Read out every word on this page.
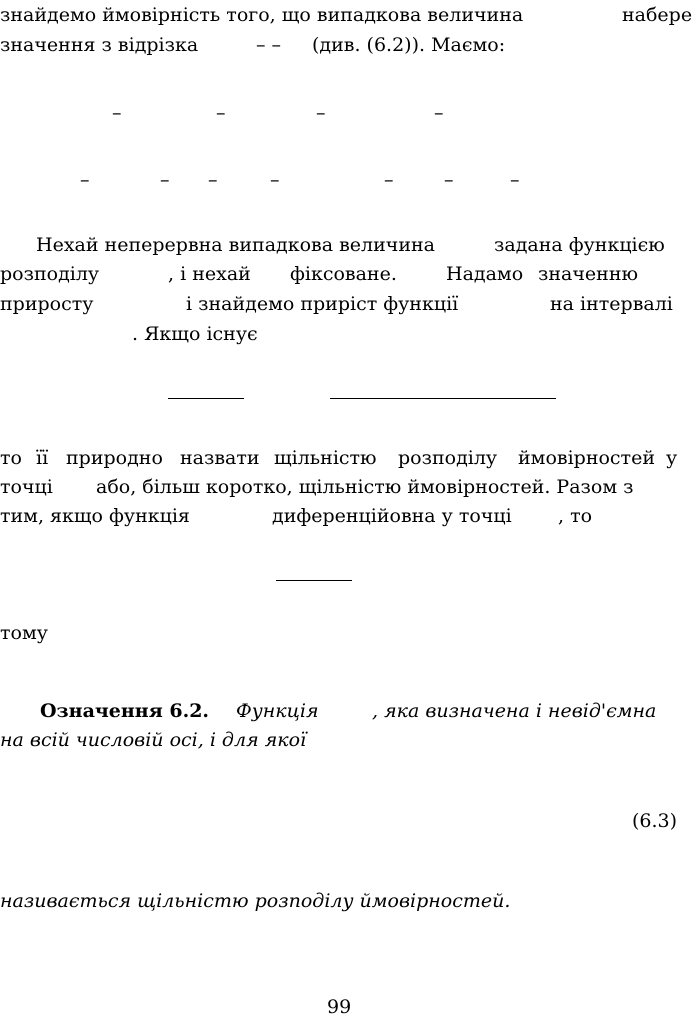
знайдемо ймовірність того, що випадкова величина	набере
значення з відрізка	– – (див. (6.2)). Маємо:
–	–	–	–
–	– –	–	–	–	–
Нехай неперервна випадкова величина	задана функцією
розподілу	, і нехай фіксоване.	Надамо значенню
приросту	і знайдемо приріст функції	на інтервалі
. Якщо існує
то її природно назвати щільністю розподілу ймовірностей у
точці або, більш коротко, щільністю ймовірностей. Разом з
тим, якщо функція	диференційовна у точці , то
тому
Означення 6.2. Функція	, яка визначена і невід'ємна
на всій числовій осі, і для якої
(6.3)
називається щільністю розподілу ймовірностей.
99
